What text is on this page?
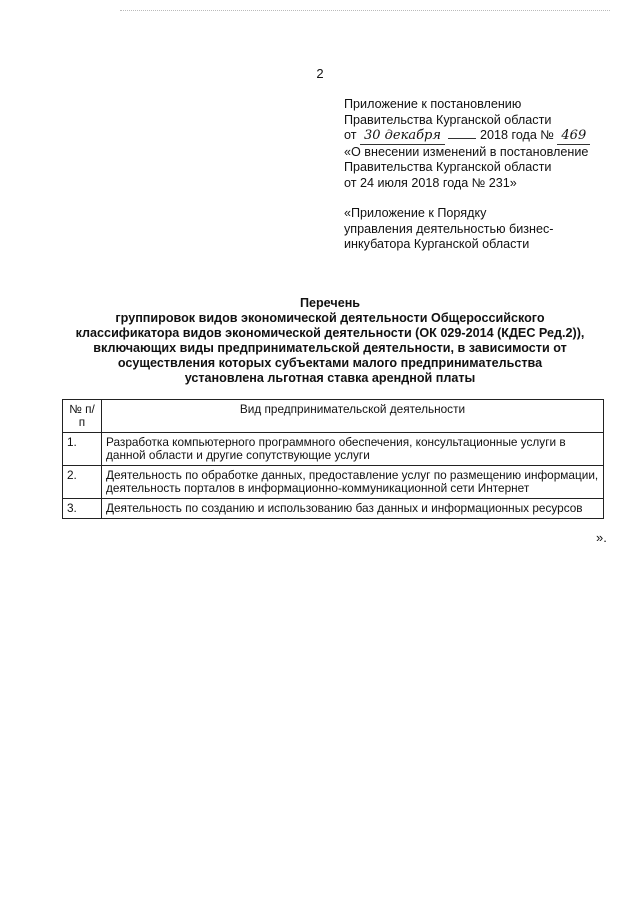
2
Приложение к постановлению
Правительства Курганской области
от 30 декабря	2018 года № 469
«О внесении изменений в постановление
Правительства Курганской области
от 24 июля 2018 года № 231»
«Приложение к Порядку
управления деятельностью бизнес-
инкубатора Курганской области
Перечень
группировок видов экономической деятельности Общероссийского
классификатора видов экономической деятельности (ОК 029-2014 (КДЕС Ред.2)),
включающих виды предпринимательской деятельности, в зависимости от
осуществления которых субъектами малого предпринимательства
установлена льготная ставка арендной платы
№ п/п	Вид предпринимательской деятельности
1.	Разработка компьютерного программного обеспечения, консультационные услуги в данной области и другие сопутствующие услуги
2.	Деятельность по обработке данных, предоставление услуг по размещению информации, деятельность порталов в информационно-коммуникационной сети Интернет
3.	Деятельность по созданию и использованию баз данных и информационных ресурсов
».
